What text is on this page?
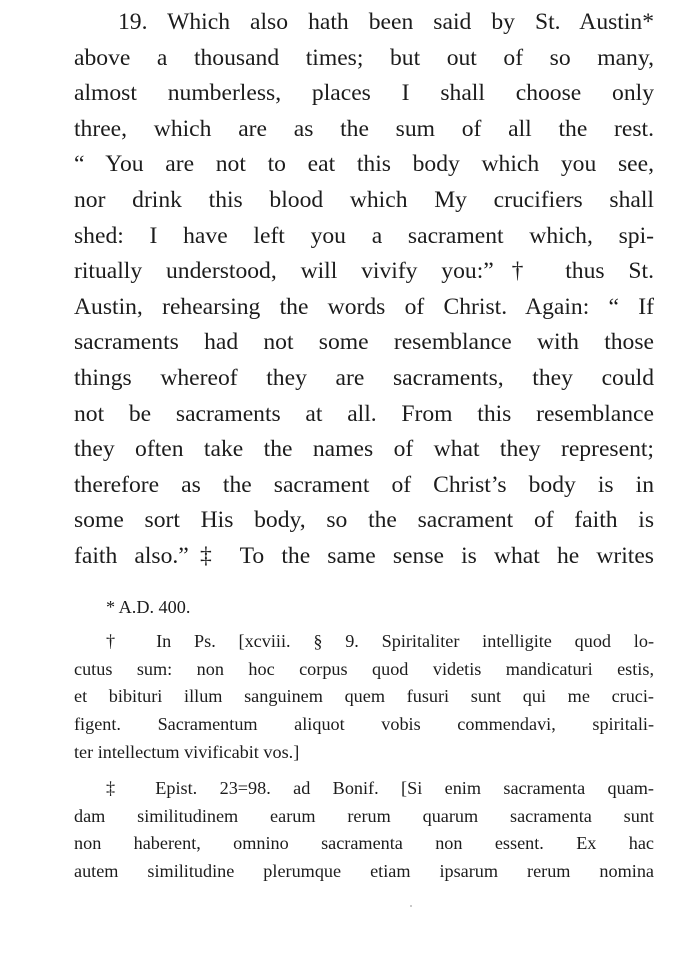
19. Which also hath been said by St. Austin*
above a thousand times; but out of so many,
almost numberless, places I shall choose only
three, which are as the sum of all the rest.
“ You are not to eat this body which you see,
nor drink this blood which My crucifiers shall
shed: I have left you a sacrament which, spi-
ritually understood, will vivify you:”† thus St.
Austin, rehearsing the words of Christ. Again: “ If
sacraments had not some resemblance with those
things whereof they are sacraments, they could
not be sacraments at all. From this resemblance
they often take the names of what they represent;
therefore as the sacrament of Christ’s body is in
some sort His body, so the sacrament of faith is
faith also.”‡ To the same sense is what he writes
* A.D. 400.
† In Ps. [xcviii. § 9. Spiritaliter intelligite quod lo-
cutus sum: non hoc corpus quod videtis mandicaturi estis,
et bibituri illum sanguinem quem fusuri sunt qui me cruci-
figent. Sacramentum aliquot vobis commendavi, spiritali-
ter intellectum vivificabit vos.]
‡ Epist. 23=98. ad Bonif. [Si enim sacramenta quam-
dam similitudinem earum rerum quarum sacramenta sunt
non haberent, omnino sacramenta non essent. Ex hac
autem similitudine plerumque etiam ipsarum rerum nomina
